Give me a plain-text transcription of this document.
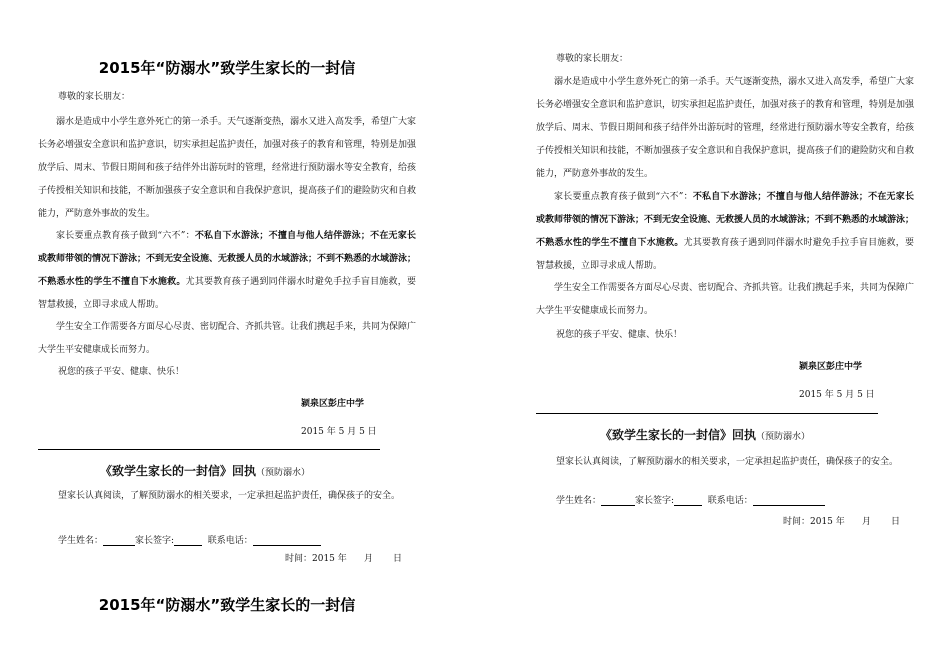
2015年“防溺水”致学生家长的一封信
尊敬的家长朋友：
溺水是造成中小学生意外死亡的第一杀手。天气逐渐变热，溺水又进入高发季，希望广大家长务必增强安全意识和监护意识，切实承担起监护责任，加强对孩子的教育和管理，特别是加强放学后、周末、节假日期间和孩子结伴外出游玩时的管理，经常进行预防溺水等安全教育，给孩子传授相关知识和技能，不断加强孩子安全意识和自我保护意识，提高孩子们的避险防灾和自救能力，严防意外事故的发生。
家长要重点教育孩子做到“六不”：不私自下水游泳；不擅自与他人结伴游泳；不在无家长或教师带领的情况下游泳；不到无安全设施、无救援人员的水域游泳；不到不熟悉的水域游泳；不熟悉水性的学生不擅自下水施救。尤其要教育孩子遇到同伴溺水时避免手拉手盲目施救，要智慧救援，立即寻求成人帮助。
学生安全工作需要各方面尽心尽责、密切配合、齐抓共管。让我们携起手来，共同为保障广大学生平安健康成长而努力。
祝您的孩子平安、健康、快乐！
颍泉区彭庄中学
2015 年 5 月 5 日
《致学生家长的一封信》回执（预防溺水）
望家长认真阅读，了解预防溺水的相关要求，一定承担起监护责任，确保孩子的安全。
学生姓名：	家长签字:	联系电话：
时间：2015 年 月 日
2015年“防溺水”致学生家长的一封信
尊敬的家长朋友：
溺水是造成中小学生意外死亡的第一杀手。天气逐渐变热，溺水又进入高发季，希望广大家长务必增强安全意识和监护意识，切实承担起监护责任，加强对孩子的教育和管理，特别是加强放学后、周末、节假日期间和孩子结伴外出游玩时的管理，经常进行预防溺水等安全教育，给孩子传授相关知识和技能，不断加强孩子安全意识和自我保护意识，提高孩子们的避险防灾和自救能力，严防意外事故的发生。
家长要重点教育孩子做到“六不”：不私自下水游泳；不擅自与他人结伴游泳；不在无家长或教师带领的情况下游泳；不到无安全设施、无救援人员的水域游泳；不到不熟悉的水域游泳；不熟悉水性的学生不擅自下水施救。尤其要教育孩子遇到同伴溺水时避免手拉手盲目施救，要智慧救援，立即寻求成人帮助。
学生安全工作需要各方面尽心尽责、密切配合、齐抓共管。让我们携起手来，共同为保障广大学生平安健康成长而努力。
祝您的孩子平安、健康、快乐！
颍泉区彭庄中学
2015 年 5 月 5 日
《致学生家长的一封信》回执（预防溺水）
望家长认真阅读，了解预防溺水的相关要求，一定承担起监护责任，确保孩子的安全。
学生姓名：	家长签字:	联系电话：
时间：2015 年 月 日
